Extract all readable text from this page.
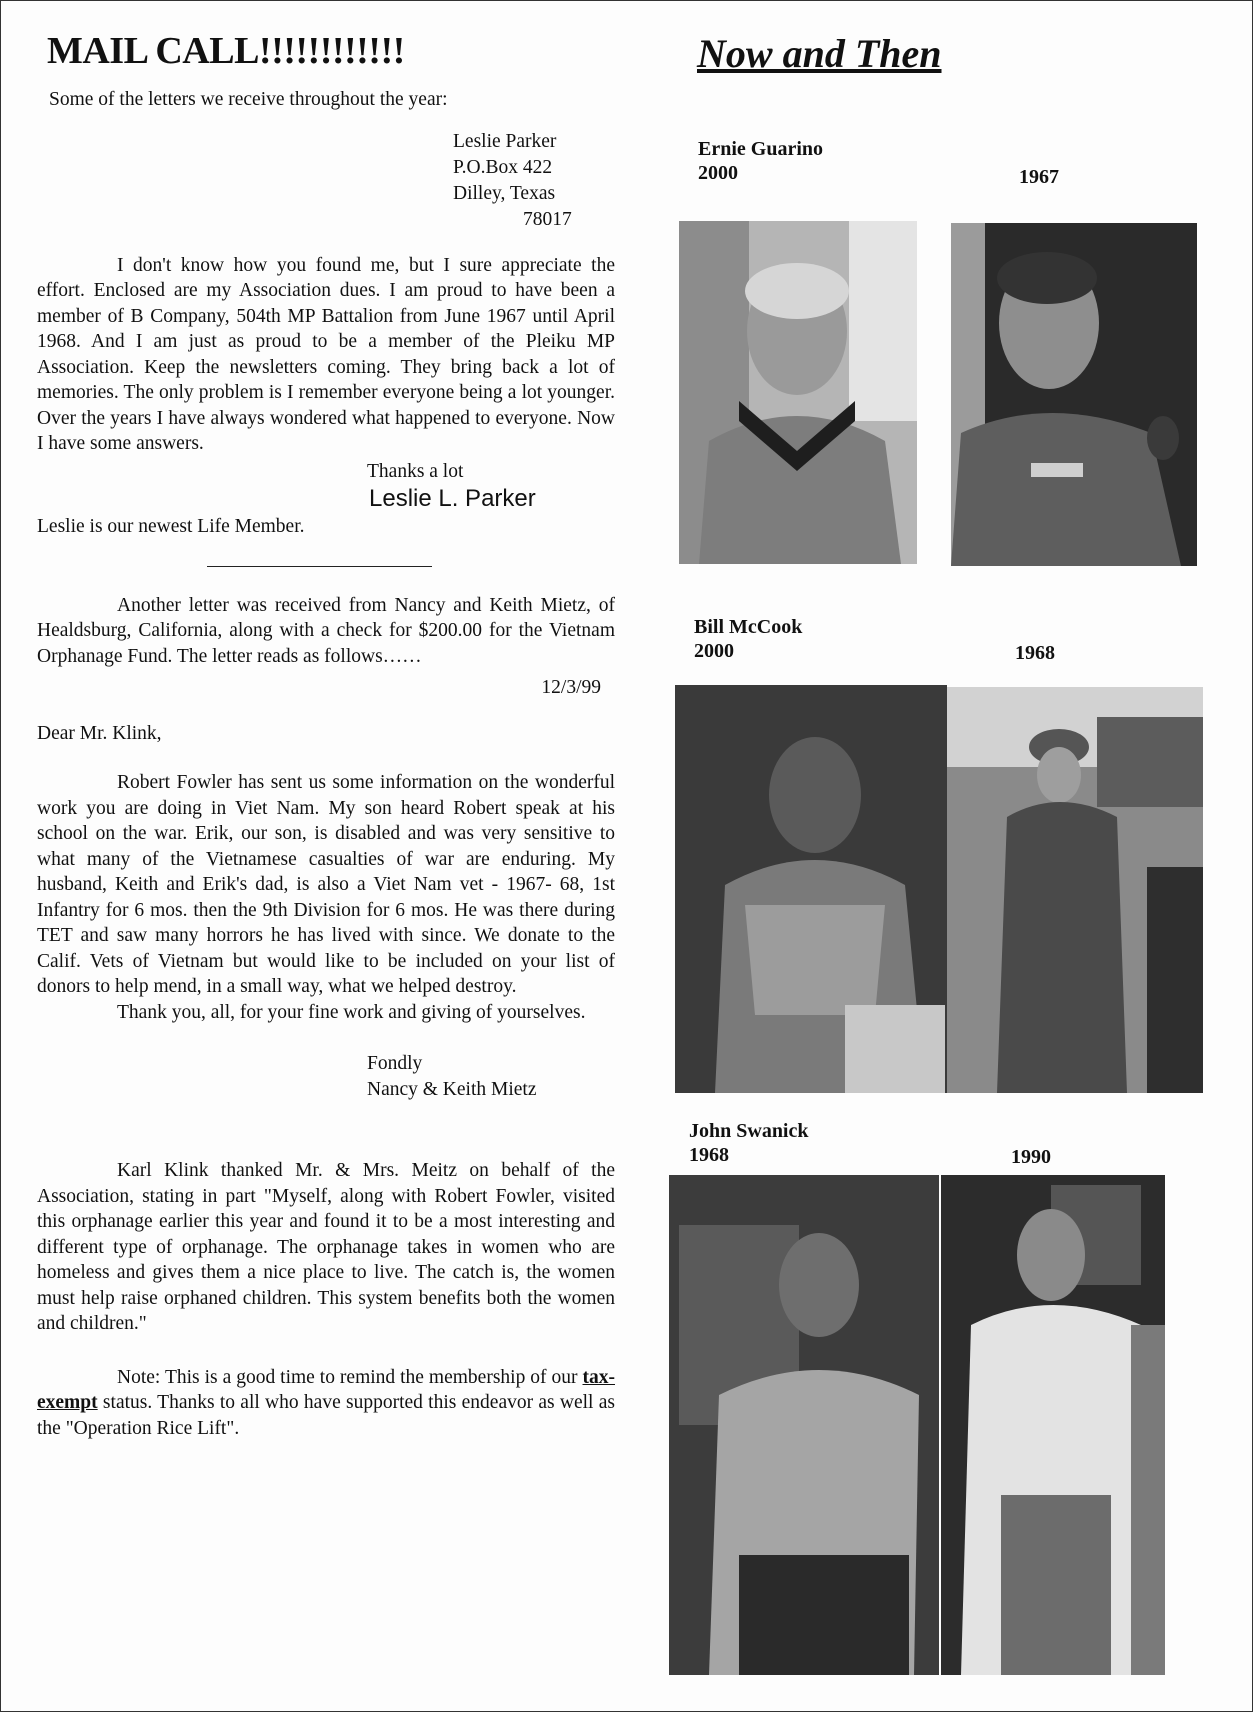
MAIL CALL!!!!!!!!!!!!

Some of the letters we receive throughout the year:

Leslie Parker
P.O.Box 422
Dilley, Texas
78017

I don't know how you found me, but I sure appreciate the effort. Enclosed are my Association dues. I am proud to have been a member of B Company, 504th MP Battalion from June 1967 until April 1968. And I am just as proud to be a member of the Pleiku MP Association. Keep the newsletters coming. They bring back a lot of memories. The only problem is I remember everyone being a lot younger. Over the years I have always wondered what happened to everyone. Now I have some answers.

Thanks a lot
Leslie L. Parker

Leslie is our newest Life Member.

Another letter was received from Nancy and Keith Mietz, of Healdsburg, California, along with a check for $200.00 for the Vietnam Orphanage Fund. The letter reads as follows……

12/3/99
Dear Mr. Klink,

Robert Fowler has sent us some information on the wonderful work you are doing in Viet Nam. My son heard Robert speak at his school on the war. Erik, our son, is disabled and was very sensitive to what many of the Vietnamese casualties of war are enduring. My husband, Keith and Erik's dad, is also a Viet Nam vet - 1967- 68, 1st Infantry for 6 mos. then the 9th Division for 6 mos. He was there during TET and saw many horrors he has lived with since. We donate to the Calif. Vets of Vietnam but would like to be included on your list of donors to help mend, in a small way, what we helped destroy.

Thank you, all, for your fine work and giving of yourselves.

Fondly
Nancy & Keith Mietz

Karl Klink thanked Mr. & Mrs. Meitz on behalf of the Association, stating in part "Myself, along with Robert Fowler, visited this orphanage earlier this year and found it to be a most interesting and different type of orphanage. The orphanage takes in women who are homeless and gives them a nice place to live. The catch is, the women must help raise orphaned children. This system benefits both the women and children."

Note: This is a good time to remind the membership of our tax-exempt status. Thanks to all who have supported this endeavor as well as the "Operation Rice Lift".

Now and Then
Ernie Guarino
2000	1967
Bill McCook
2000	1968
John Swanick
1968	1990
